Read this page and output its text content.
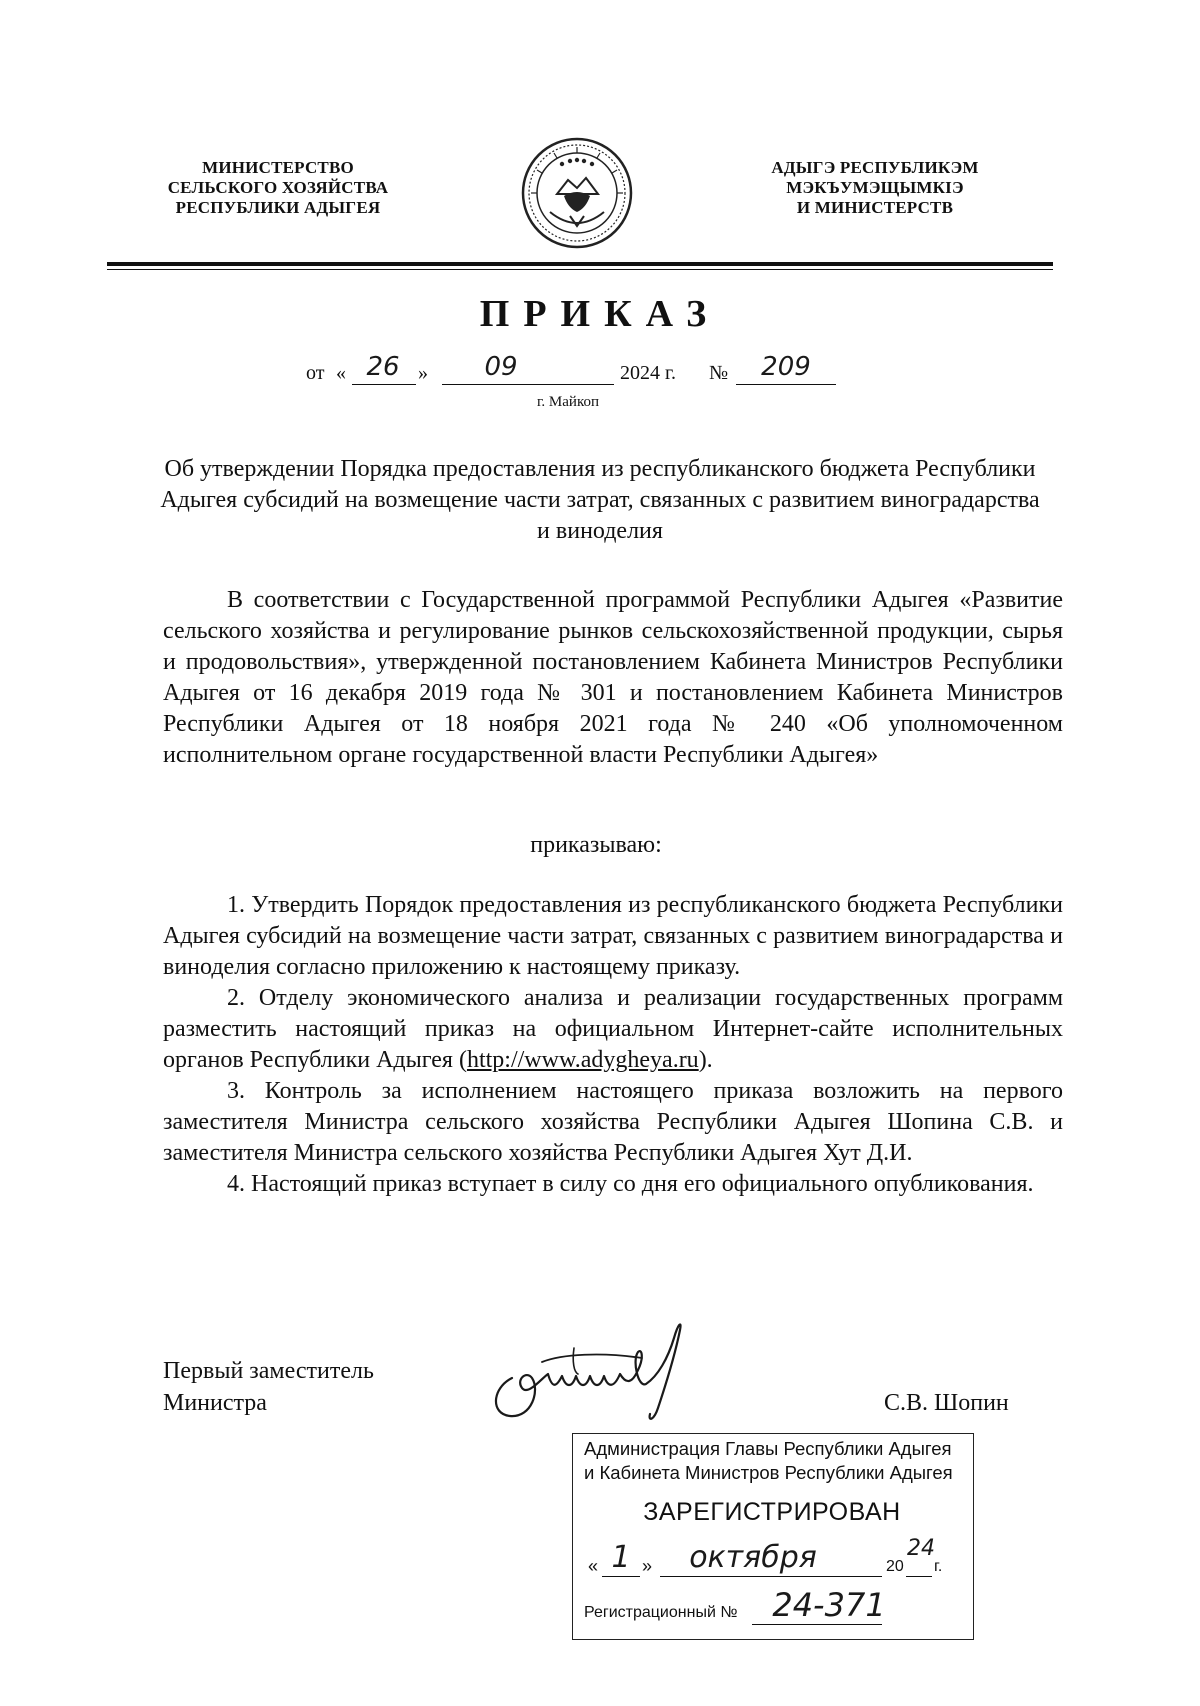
МИНИСТЕРСТВО
СЕЛЬСКОГО ХОЗЯЙСТВА
РЕСПУБЛИКИ АДЫГЕЯ
АДЫГЭ РЕСПУБЛИКЭМ
МЭКЪУМЭЩЫМКIЭ
И МИНИСТЕРСТВ
ПРИКАЗ
от « 26 »	09	2024 г. №	209
г. Майкоп
Об утверждении Порядка предоставления из республиканского бюджета Республики Адыгея субсидий на возмещение части затрат, связанных с развитием виноградарства и виноделия
В соответствии с Государственной программой Республики Адыгея «Развитие сельского хозяйства и регулирование рынков сельскохозяйственной продукции, сырья и продовольствия», утвержденной постановлением Кабинета Министров Республики Адыгея от 16 декабря 2019 года № 301 и постановлением Кабинета Министров Республики Адыгея от 18 ноября 2021 года № 240 «Об уполномоченном исполнительном органе государственной власти Республики Адыгея»
приказываю:

1. Утвердить Порядок предоставления из республиканского бюджета Республики Адыгея субсидий на возмещение части затрат, связанных с развитием виноградарства и виноделия согласно приложению к настоящему приказу.

2. Отделу экономического анализа и реализации государственных программ разместить настоящий приказ на официальном Интернет-сайте исполнительных органов Республики Адыгея (http://www.adygheya.ru).

3. Контроль за исполнением настоящего приказа возложить на первого заместителя Министра сельского хозяйства Республики Адыгея Шопина С.В. и заместителя Министра сельского хозяйства Республики Адыгея Хут Д.И.

4. Настоящий приказ вступает в силу со дня его официального опубликования.

Первый заместитель
Министра	С.В. Шопин
Администрация Главы Республики Адыгея
и Кабинета Министров Республики Адыгея
ЗАРЕГИСТРИРОВАН
« 1 »	октября	20
24
г.
Регистрационный №	24-371
